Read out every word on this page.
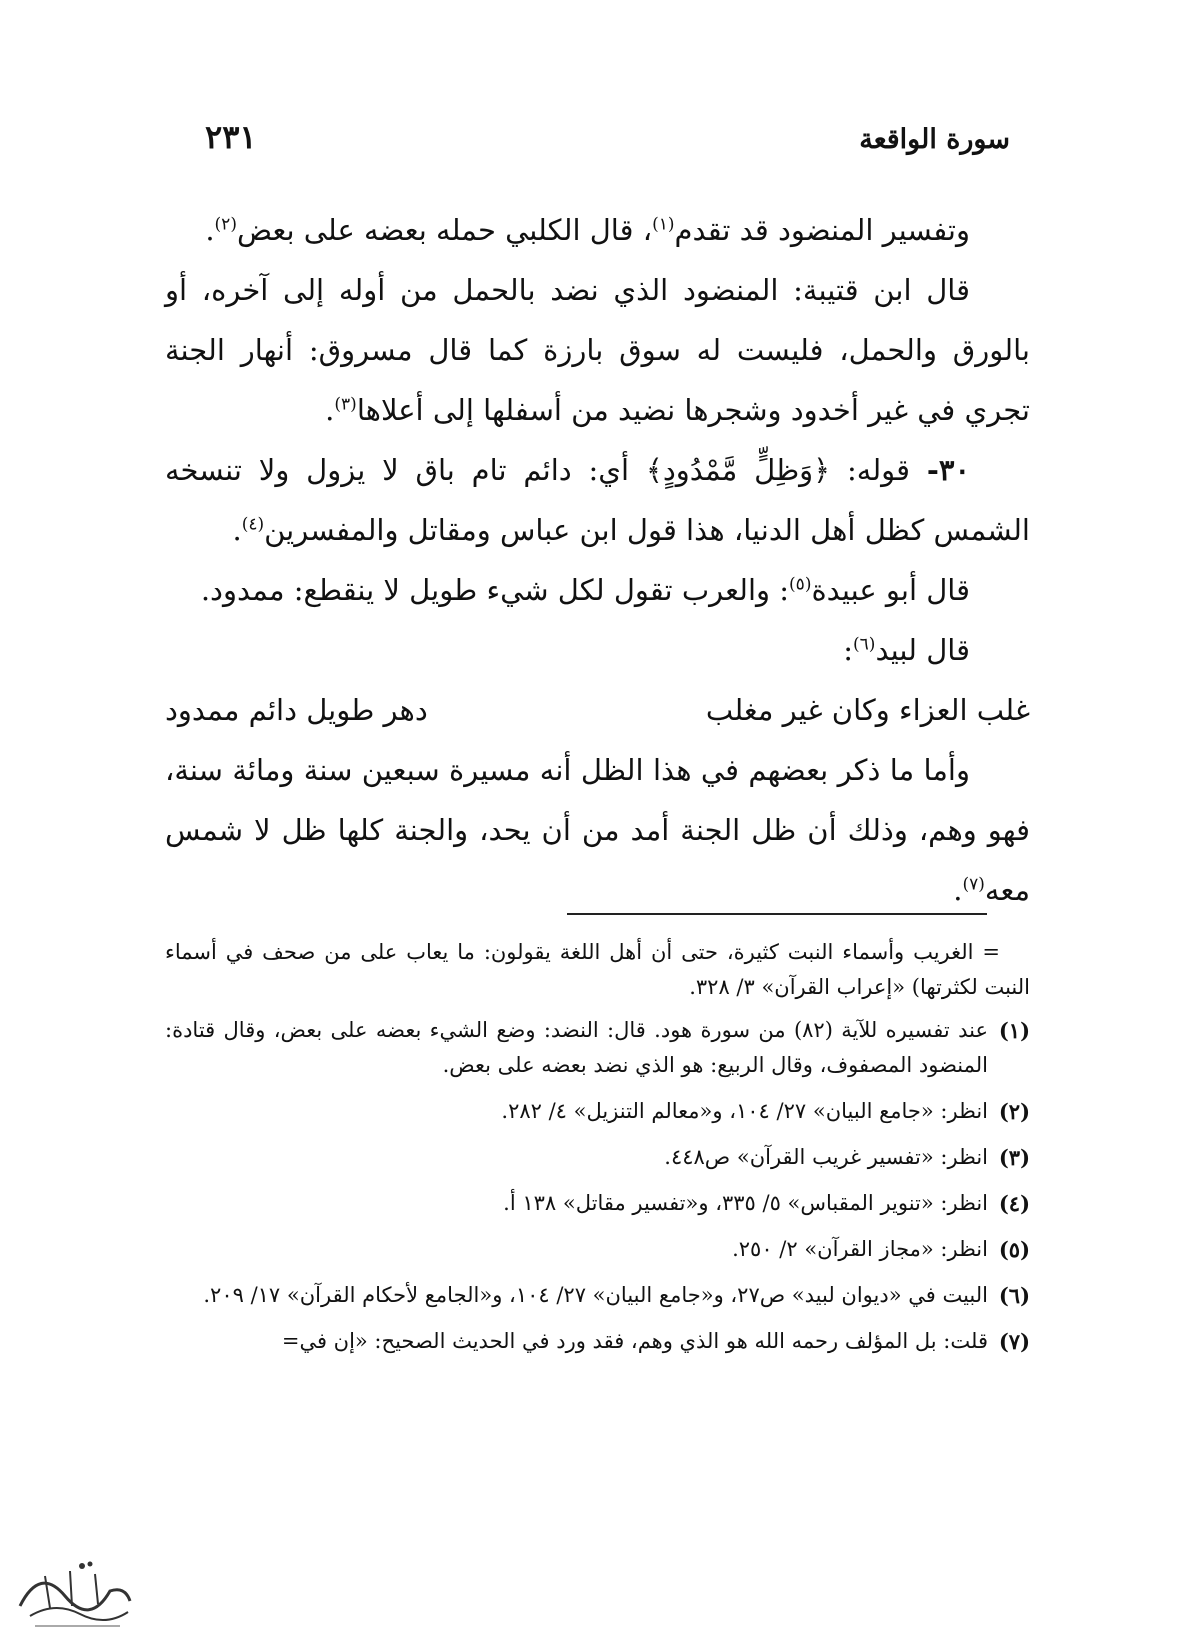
سورة الواقعة
٢٣١

وتفسير المنضود قد تقدم$^{(١)}$، قال الكلبي حمله بعضه على بعض$^{(٢)}$.

قال ابن قتيبة: المنضود الذي نضد بالحمل من أوله إلى آخره، أو بالورق والحمل، فليست له سوق بارزة كما قال مسروق: أنهار الجنة تجري في غير أخدود وشجرها نضيد من أسفلها إلى أعلاها$^{(٣)}$.

٣٠- قوله: ﴿وَظِلٍّ مَّمْدُودٍ﴾ أي: دائم تام باق لا يزول ولا تنسخه الشمس كظل أهل الدنيا، هذا قول ابن عباس ومقاتل والمفسرين$^{(٤)}$.

قال أبو عبيدة$^{(٥)}$: والعرب تقول لكل شيء طويل لا ينقطع: ممدود.

قال لبيد$^{(٦)}$:

غلب العزاء وكان غير مغلب
دهر طويل دائم ممدود

وأما ما ذكر بعضهم في هذا الظل أنه مسيرة سبعين سنة ومائة سنة، فهو وهم، وذلك أن ظل الجنة أمد من أن يحد، والجنة كلها ظل لا شمس معه$^{(٧)}$.

= الغريب وأسماء النبت كثيرة، حتى أن أهل اللغة يقولون: ما يعاب على من صحف في أسماء النبت لكثرتها) «إعراب القرآن» ٣/ ٣٢٨.
(١)
عند تفسيره للآية (٨٢) من سورة هود. قال: النضد: وضع الشيء بعضه على بعض، وقال قتادة: المنضود المصفوف، وقال الربيع: هو الذي نضد بعضه على بعض.
(٢)
انظر: «جامع البيان» ٢٧/ ١٠٤، و«معالم التنزيل» ٤/ ٢٨٢.
(٣)
انظر: «تفسير غريب القرآن» ص٤٤٨.
(٤)
انظر: «تنوير المقباس» ٥/ ٣٣٥، و«تفسير مقاتل» ١٣٨ أ.
(٥)
انظر: «مجاز القرآن» ٢/ ٢٥٠.
(٦)
البيت في «ديوان لبيد» ص٢٧، و«جامع البيان» ٢٧/ ١٠٤، و«الجامع لأحكام القرآن» ١٧/ ٢٠٩.
(٧)
قلت: بل المؤلف رحمه الله هو الذي وهم، فقد ورد في الحديث الصحيح: «إن في=
